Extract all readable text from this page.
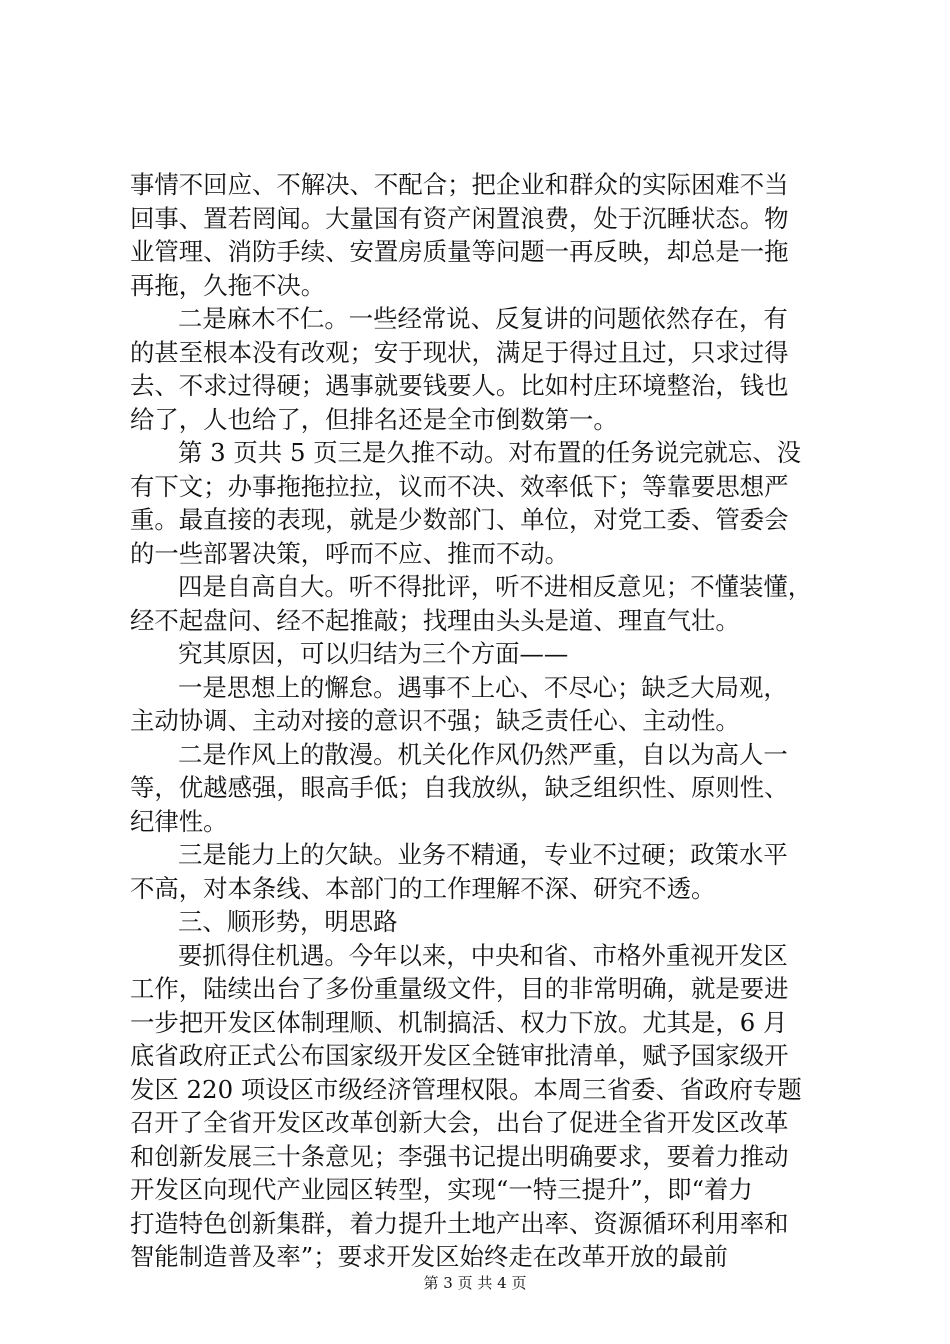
事情不回应、不解决、不配合；把企业和群众的实际困难不当
回事、置若罔闻。大量国有资产闲置浪费，处于沉睡状态。物
业管理、消防手续、安置房质量等问题一再反映，却总是一拖
再拖，久拖不决。
二是麻木不仁。一些经常说、反复讲的问题依然存在，有
的甚至根本没有改观；安于现状，满足于得过且过，只求过得
去、不求过得硬；遇事就要钱要人。比如村庄环境整治，钱也
给了，人也给了，但排名还是全市倒数第一。
第 3 页共 5 页三是久推不动。对布置的任务说完就忘、没
有下文；办事拖拖拉拉，议而不决、效率低下；等靠要思想严
重。最直接的表现，就是少数部门、单位，对党工委、管委会
的一些部署决策，呼而不应、推而不动。
四是自高自大。听不得批评，听不进相反意见；不懂装懂，
经不起盘问、经不起推敲；找理由头头是道、理直气壮。
究其原因，可以归结为三个方面——
一是思想上的懈怠。遇事不上心、不尽心；缺乏大局观，
主动协调、主动对接的意识不强；缺乏责任心、主动性。
二是作风上的散漫。机关化作风仍然严重，自以为高人一
等，优越感强，眼高手低；自我放纵，缺乏组织性、原则性、
纪律性。
三是能力上的欠缺。业务不精通，专业不过硬；政策水平
不高，对本条线、本部门的工作理解不深、研究不透。
三、顺形势，明思路
要抓得住机遇。今年以来，中央和省、市格外重视开发区
工作，陆续出台了多份重量级文件，目的非常明确，就是要进
一步把开发区体制理顺、机制搞活、权力下放。尤其是，6 月
底省政府正式公布国家级开发区全链审批清单，赋予国家级开
发区 220 项设区市级经济管理权限。本周三省委、省政府专题
召开了全省开发区改革创新大会，出台了促进全省开发区改革
和创新发展三十条意见；李强书记提出明确要求，要着力推动
开发区向现代产业园区转型，实现“一特三提升”，即“着力
打造特色创新集群，着力提升土地产出率、资源循环利用率和
智能制造普及率”；要求开发区始终走在改革开放的最前
第 3 页 共 4 页
